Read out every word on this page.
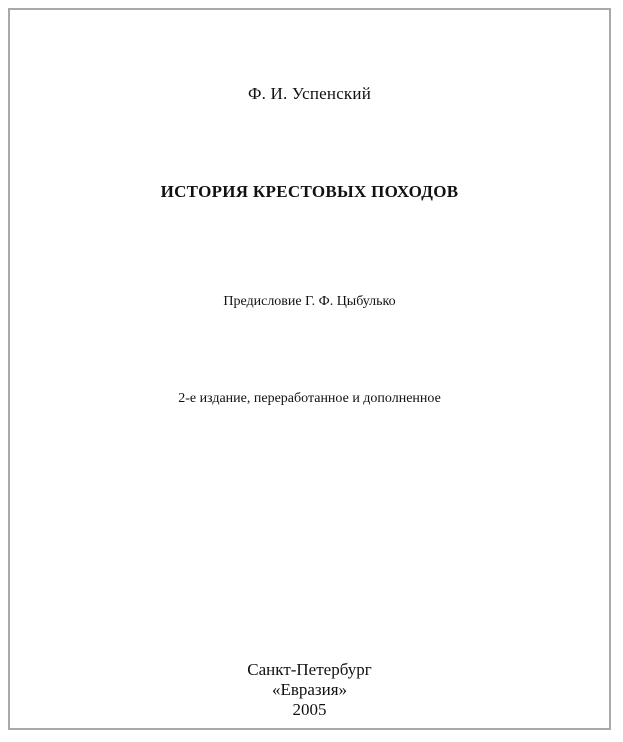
Ф. И. Успенский
ИСТОРИЯ КРЕСТОВЫХ ПОХОДОВ
Предисловие Г. Ф. Цыбулько
2-е издание, переработанное и дополненное
Санкт-Петербург
«Евразия»
2005
